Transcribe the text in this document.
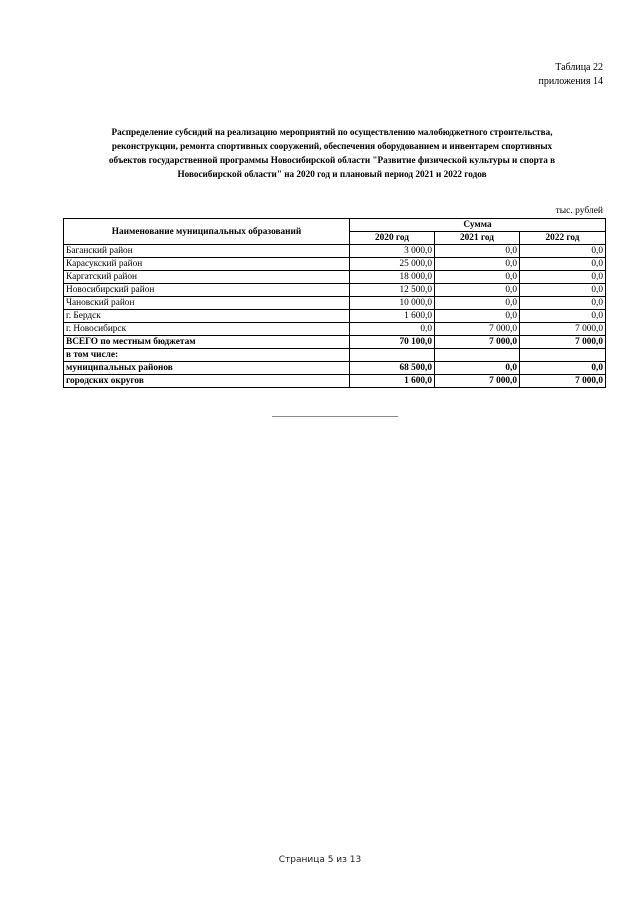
Таблица 22
приложения 14
Распределение субсидий на реализацию мероприятий по осуществлению малобюджетного строительства,
реконструкции, ремонта спортивных сооружений, обеспечения оборудованием и инвентарем спортивных
объектов государственной программы Новосибирской области "Развитие физической культуры и спорта в
Новосибирской области" на 2020 год и плановый период 2021 и 2022 годов
тыс. рублей
Наименование муниципальных образований	Сумма		
	2020 год	2021 год	2022 год
Баганский район	3 000,0	0,0	0,0
Карасукский район	25 000,0	0,0	0,0
Каргатский район	18 000,0	0,0	0,0
Новосибирский район	12 500,0	0,0	0,0
Чановский район	10 000,0	0,0	0,0
г. Бердск	1 600,0	0,0	0,0
г. Новосибирск	0,0	7 000,0	7 000,0
ВСЕГО по местным бюджетам	70 100,0	7 000,0	7 000,0
в том числе:			
муниципальных районов	68 500,0	0,0	0,0
городских округов	1 600,0	7 000,0	7 000,0
Страница 5 из 13
